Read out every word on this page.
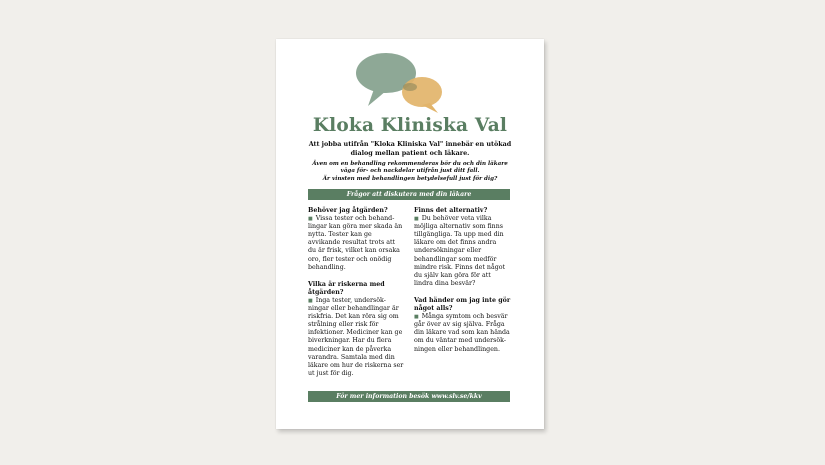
Kloka Kliniska Val
Att jobba utifrån "Kloka Kliniska Val" innebär en utökad dialog mellan patient och läkare.
Även om en behandling rekommenderas bör du och din läkare
väga för- och nackdelar utifrån just ditt fall.
Är vinsten med behandlingen betydelsefull just för dig?
Frågor att diskutera med din läkare
Behöver jag åtgärden?
■ Vissa tester och behand-lingar kan göra mer skada än nytta. Tester kan ge avvikande resultat trots att du är frisk, vilket kan orsaka oro, fler tester och onödig behandling.
Vilka är riskerna med åtgärden?
■ Inga tester, undersök-ningar eller behandlingar är riskfria. Det kan röra sig om strålning eller risk för infektioner. Mediciner kan ge biverkningar. Har du flera mediciner kan de påverka varandra. Samtala med din läkare om hur de riskerna ser ut just för dig.
Finns det alternativ?
■ Du behöver veta vilka möjliga alternativ som finns tillgängliga. Ta upp med din läkare om det finns andra undersökningar eller behandlingar som medför mindre risk. Finns det något du själv kan göra för att lindra dina besvär?
Vad händer om jag inte gör något alls?
■ Många symtom och besvär går över av sig själva. Fråga din läkare vad som kan hända om du väntar med undersök-ningen eller behandlingen.
För mer information besök www.slv.se/kkv
